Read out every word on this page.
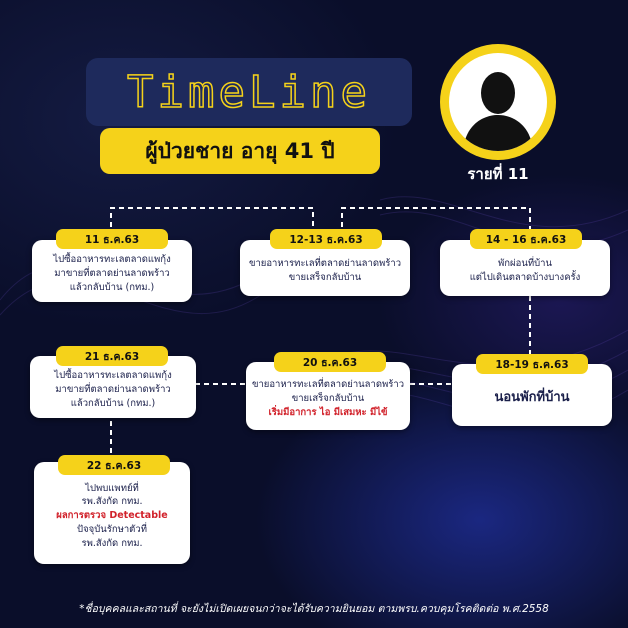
TimeLine
ผู้ป่วยชาย อายุ 41 ปี
รายที่ 11
ไปซื้ออาหารทะเลตลาดแพกุ้ง
มาขายที่ตลาดย่านลาดพร้าว
แล้วกลับบ้าน (กทม.)
11 ธ.ค.63
ขายอาหารทะเลที่ตลาดย่านลาดพร้าว
ขายเสร็จกลับบ้าน
12-13 ธ.ค.63
พักผ่อนที่บ้าน
แต่ไปเดินตลาดบ้างบางครั้ง
14 - 16 ธ.ค.63
นอนพักที่บ้าน
18-19 ธ.ค.63
ขายอาหารทะเลที่ตลาดย่านลาดพร้าว
ขายเสร็จกลับบ้าน
เริ่มมีอาการ ไอ มีเสมหะ มีไข้
20 ธ.ค.63
ไปซื้ออาหารทะเลตลาดแพกุ้ง
มาขายที่ตลาดย่านลาดพร้าว
แล้วกลับบ้าน (กทม.)
21 ธ.ค.63
ไปพบแพทย์ที่
รพ.สังกัด กทม.
ผลการตรวจ Detectable
ปัจจุบันรักษาตัวที่
รพ.สังกัด กทม.
22 ธ.ค.63
*ชื่อบุคคลและสถานที่ จะยังไม่เปิดเผยจนกว่าจะได้รับความยินยอม ตามพรบ.ควบคุมโรคติดต่อ พ.ศ.2558
